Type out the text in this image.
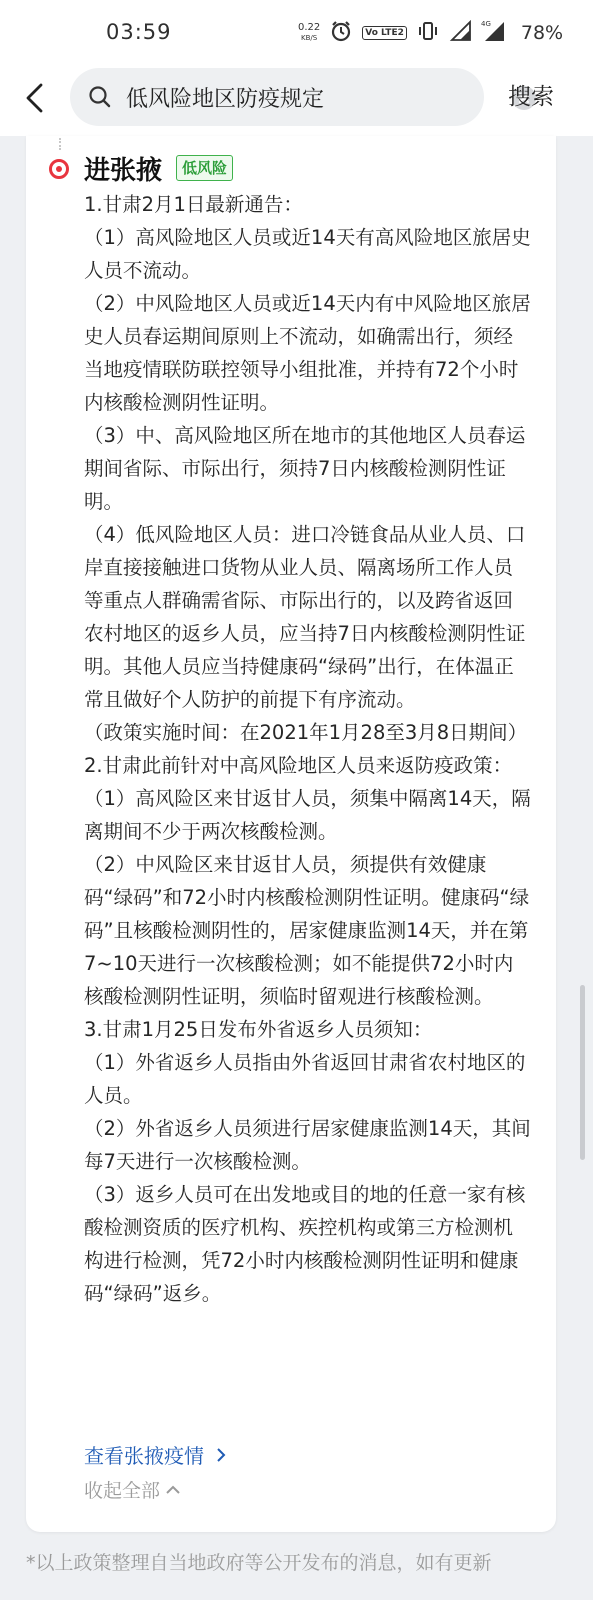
03:59	0.22
KB/S	Vo LTE2
4G 78%
低风险地区防疫规定
搜索
进张掖	低风险
1.甘肃2月1日最新通告：
（1）高风险地区人员或近14天有高风险地区旅居史人员不流动。
（2）中风险地区人员或近14天内有中风险地区旅居史人员春运期间原则上不流动，如确需出行，须经当地疫情联防联控领导小组批准，并持有72个小时内核酸检测阴性证明。
（3）中、高风险地区所在地市的其他地区人员春运期间省际、市际出行，须持7日内核酸检测阴性证明。
（4）低风险地区人员：进口冷链食品从业人员、口岸直接接触进口货物从业人员、隔离场所工作人员等重点人群确需省际、市际出行的，以及跨省返回农村地区的返乡人员，应当持7日内核酸检测阴性证明。其他人员应当持健康码“绿码”出行，在体温正常且做好个人防护的前提下有序流动。
（政策实施时间：在2021年1月28至3月8日期间）
2.甘肃此前针对中高风险地区人员来返防疫政策：
（1）高风险区来甘返甘人员，须集中隔离14天，隔离期间不少于两次核酸检测。
（2）中风险区来甘返甘人员，须提供有效健康码“绿码”和72小时内核酸检测阴性证明。健康码“绿码”且核酸检测阴性的，居家健康监测14天，并在第7~10天进行一次核酸检测；如不能提供72小时内核酸检测阴性证明，须临时留观进行核酸检测。
3.甘肃1月25日发布外省返乡人员须知：
（1）外省返乡人员指由外省返回甘肃省农村地区的人员。
（2）外省返乡人员须进行居家健康监测14天，其间每7天进行一次核酸检测。
（3）返乡人员可在出发地或目的地的任意一家有核酸检测资质的医疗机构、疾控机构或第三方检测机构进行检测，凭72小时内核酸检测阴性证明和健康码“绿码”返乡。
查看张掖疫情
收起全部
*以上政策整理自当地政府等公开发布的消息，如有更新
